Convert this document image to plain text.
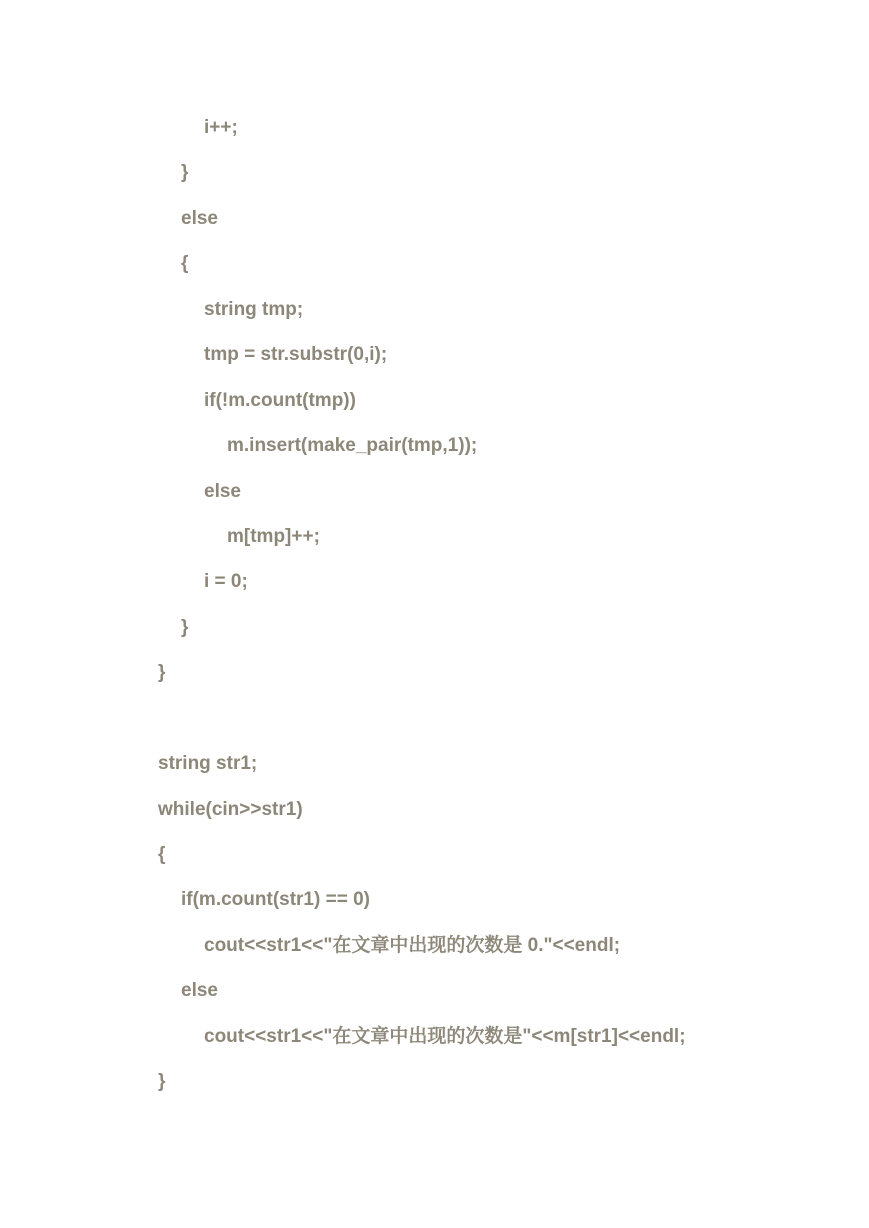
i++;
}
else
{
string tmp;
tmp = str.substr(0,i);
if(!m.count(tmp))
m.insert(make_pair(tmp,1));
else
m[tmp]++;
i = 0;
}
}
string str1;
while(cin>>str1)
{
if(m.count(str1) == 0)
cout<<str1<<"在文章中出现的次数是 0."<<endl;
else
cout<<str1<<"在文章中出现的次数是"<<m[str1]<<endl;
}
